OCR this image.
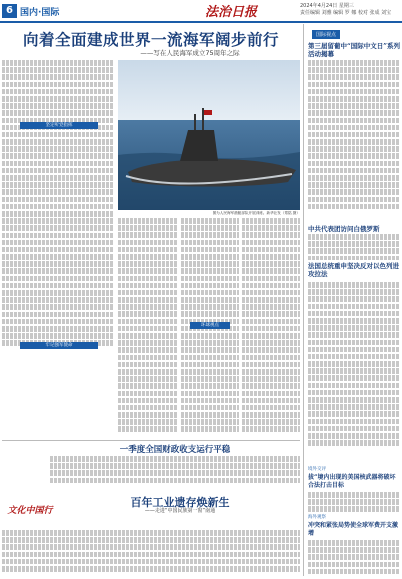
6 国内·国际	法治日报	2024年4月24日 星期三
责任编辑 刘雅 编辑 罗 娜 校对 张成 刘宝
向着全面建成世界一流海军阔步前行
——写在人民海军成立75周年之际
图为人民海军潜艇部队开展训练。新华社发（郑铭 摄）
坚定听党指挥
牢记强军使命
环球视点
一季度全国财政收支运行平稳
文化中国行
百年工业遗存焕新生
——走进“中国民族第一窗”南通
国际视点
第三届留葡中“国际中文日”系列活动揭幕
中共代表团访问白俄罗斯
法国总统重申坚决反对以色列进攻拉法
境外交评
拔“境内出现的美国核武器将破坏合法打击目标
海外观察
冲突和紧张局势使全球军费开支激增
